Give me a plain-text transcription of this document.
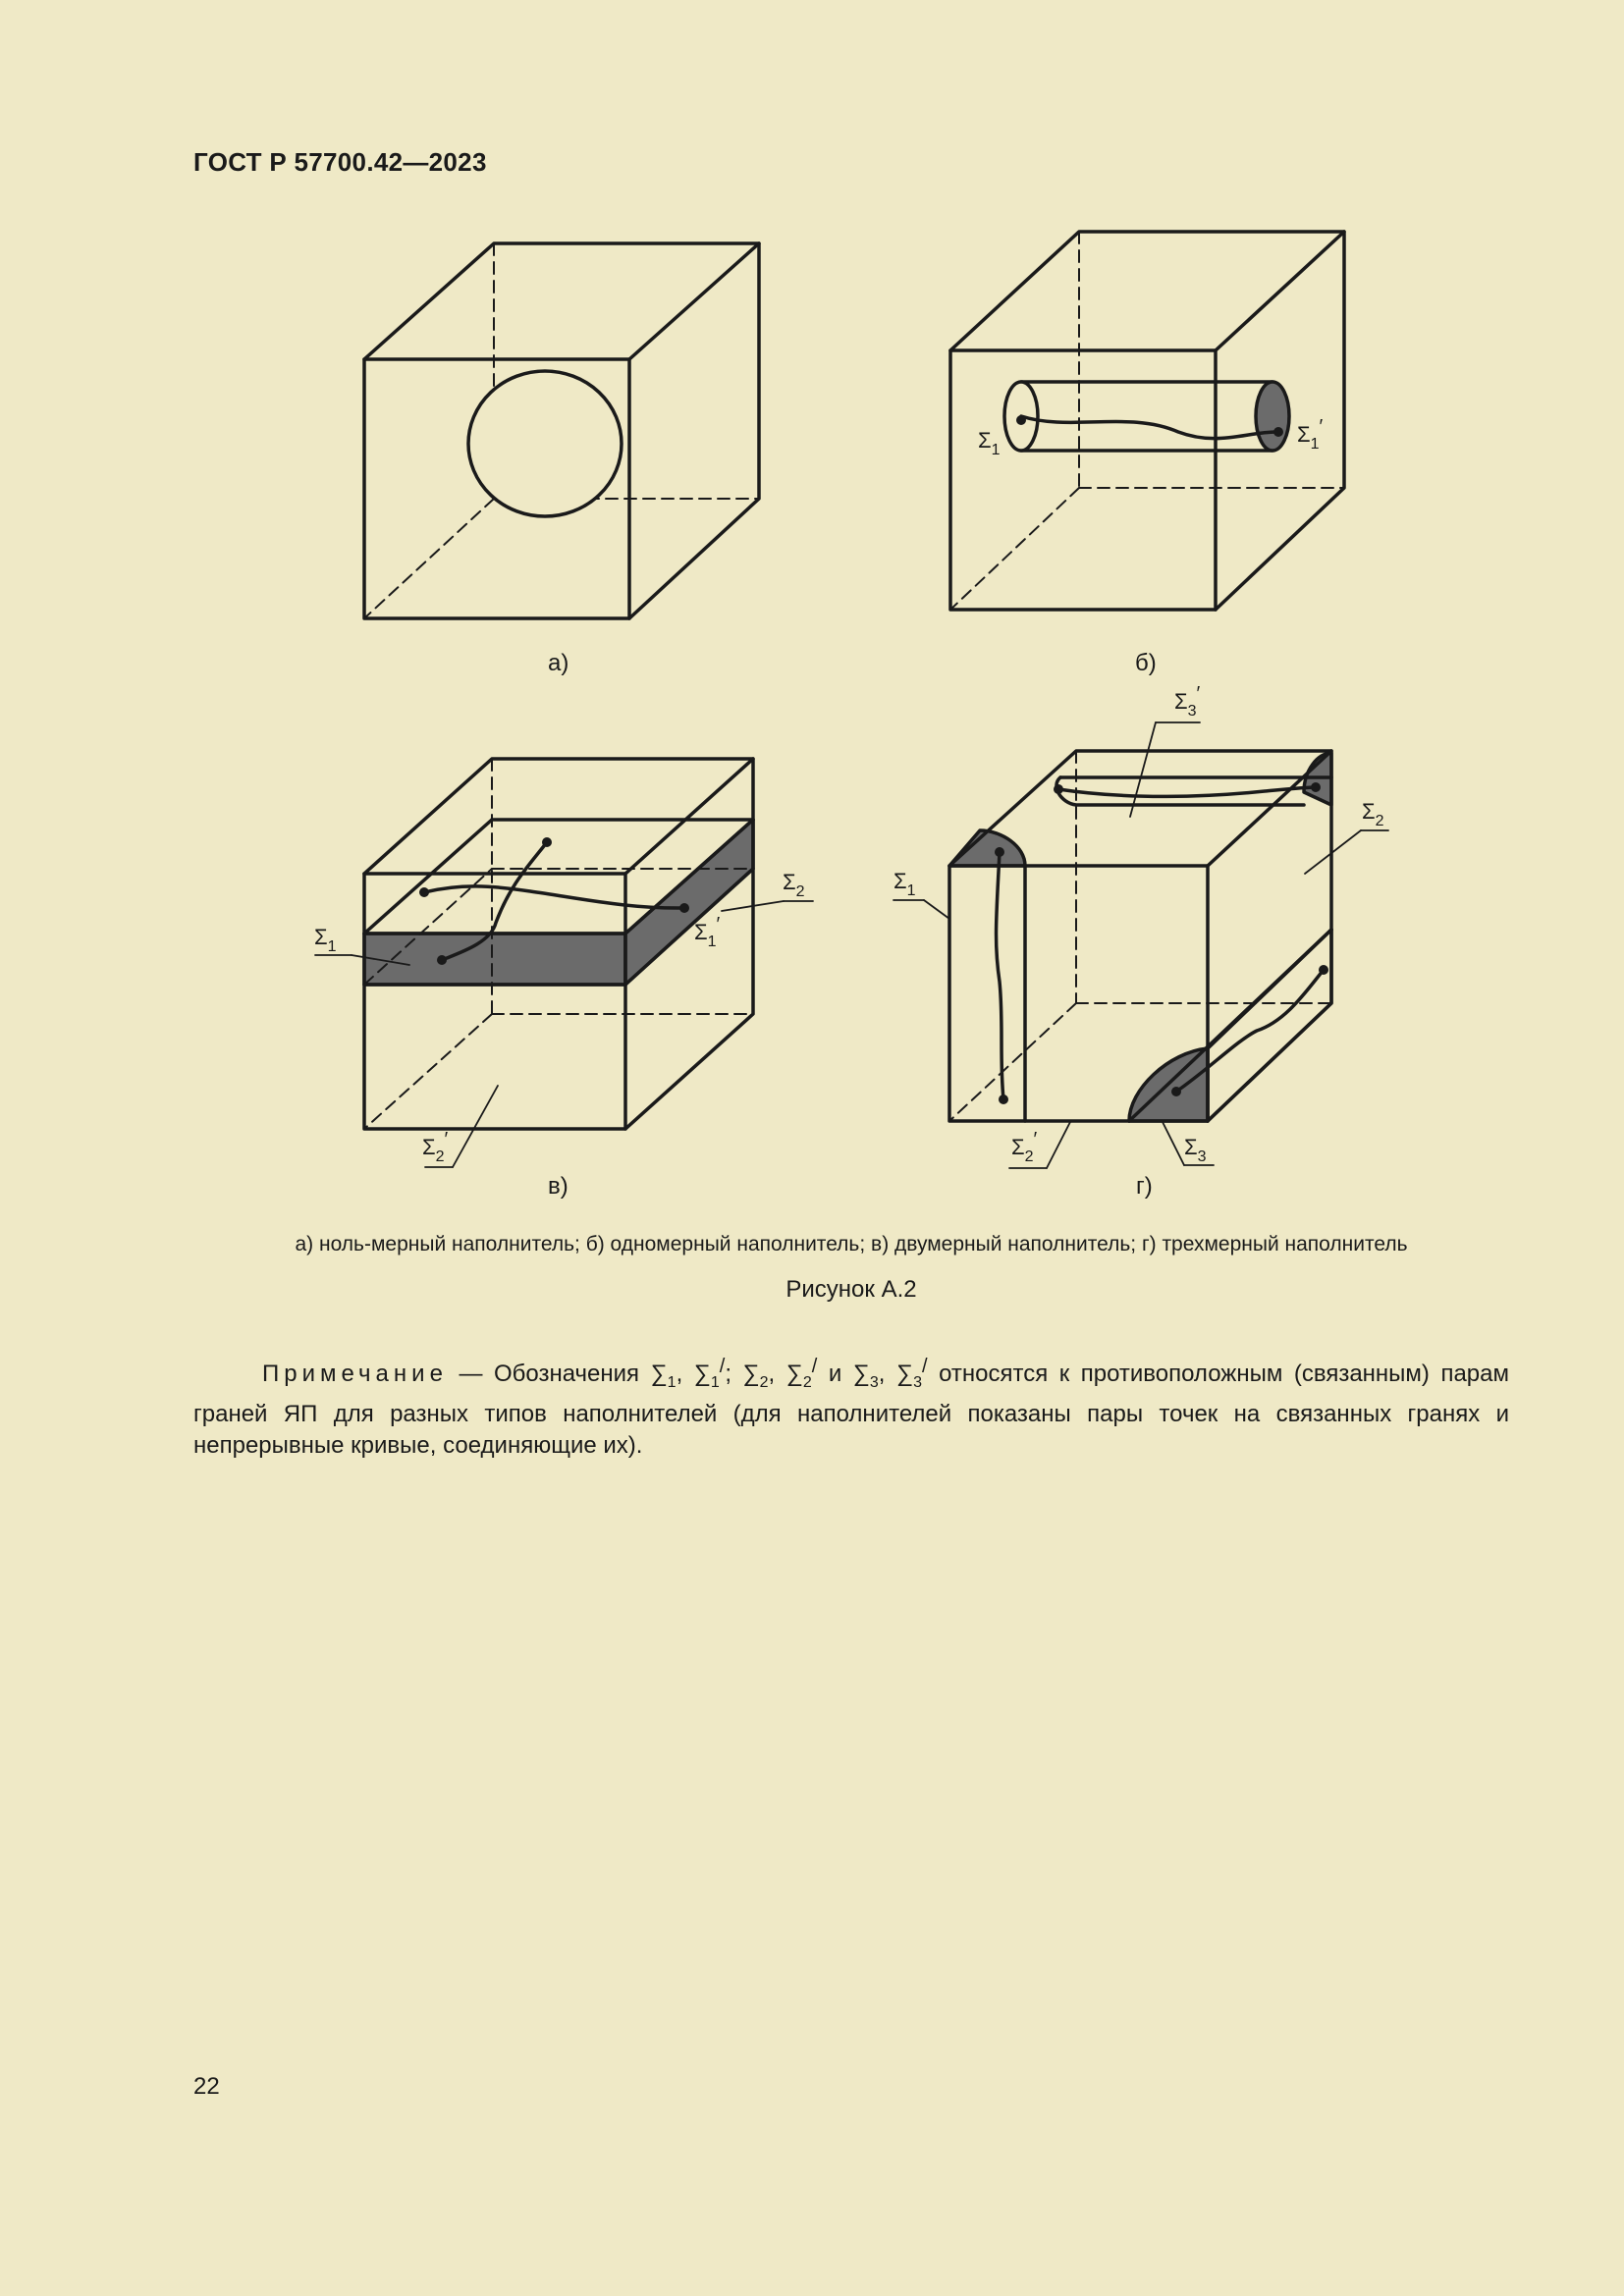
ГОСТ Р 57700.42—2023
а)	б)
в)	г)
$\Sigma_1$
$\Sigma_1'$
$\Sigma_1$
$\Sigma_1'$
$\Sigma_2$
$\Sigma_2'$
$\Sigma_3'$
$\Sigma_2$
$\Sigma_1$
$\Sigma_2'$	$\Sigma_3$
а) ноль-мерный наполнитель; б) одномерный наполнитель; в) двумерный наполнитель; г) трехмерный наполнитель
Рисунок А.2
Примечание — Обозначения $\sum_1$, $\sum_1^/$; $\sum_2$, $\sum_2^/$ и $\sum_3$, $\sum_3^/$ относятся к противоположным (связанным) парам граней ЯП для разных типов наполнителей (для наполнителей показаны пары точек на связанных гранях и непрерывные кривые, соединяющие их).
22
